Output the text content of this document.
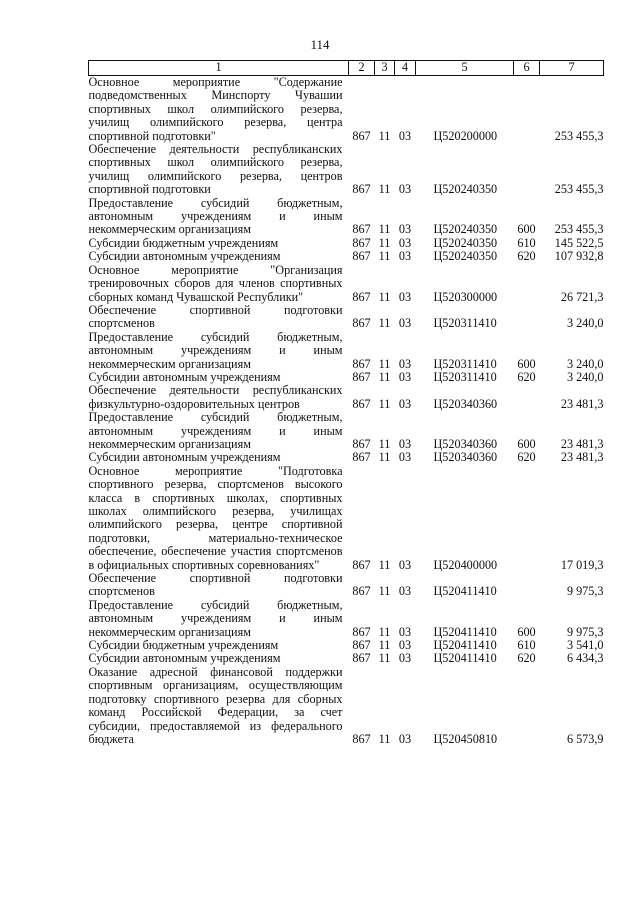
114
1	2	3	4	5	6	7
Основное мероприятие "Содержание подведомственных Минспорту Чувашии спортивных школ олимпийского резерва, училищ олимпийского резерва, центра спортивной подготовки"	867	11	03	Ц520200000		253 455,3
Обеспечение деятельности республиканских спортивных школ олимпийского резерва, училищ олимпийского резерва, центров спортивной подготовки	867	11	03	Ц520240350		253 455,3
Предоставление субсидий бюджетным, автономным учреждениям и иным некоммерческим организациям	867	11	03	Ц520240350	600	253 455,3
Субсидии бюджетным учреждениям	867	11	03	Ц520240350	610	145 522,5
Субсидии автономным учреждениям	867	11	03	Ц520240350	620	107 932,8
Основное мероприятие "Организация тренировочных сборов для членов спортивных сборных команд Чувашской Республики"	867	11	03	Ц520300000		26 721,3
Обеспечение спортивной подготовки спортсменов	867	11	03	Ц520311410		3 240,0
Предоставление субсидий бюджетным, автономным учреждениям и иным некоммерческим организациям	867	11	03	Ц520311410	600	3 240,0
Субсидии автономным учреждениям	867	11	03	Ц520311410	620	3 240,0
Обеспечение деятельности республиканских физкультурно-оздоровительных центров	867	11	03	Ц520340360		23 481,3
Предоставление субсидий бюджетным, автономным учреждениям и иным некоммерческим организациям	867	11	03	Ц520340360	600	23 481,3
Субсидии автономным учреждениям	867	11	03	Ц520340360	620	23 481,3
Основное мероприятие "Подготовка спортивного резерва, спортсменов высокого класса в спортивных школах, спортивных школах олимпийского резерва, училищах олимпийского резерва, центре спортивной подготовки, материально-техническое обеспечение, обеспечение участия спортсменов в официальных спортивных соревнованиях"	867	11	03	Ц520400000		17 019,3
Обеспечение спортивной подготовки спортсменов	867	11	03	Ц520411410		9 975,3
Предоставление субсидий бюджетным, автономным учреждениям и иным некоммерческим организациям	867	11	03	Ц520411410	600	9 975,3
Субсидии бюджетным учреждениям	867	11	03	Ц520411410	610	3 541,0
Субсидии автономным учреждениям	867	11	03	Ц520411410	620	6 434,3
Оказание адресной финансовой поддержки спортивным организациям, осуществляющим подготовку спортивного резерва для сборных команд Российской Федерации, за счет субсидии, предоставляемой из федерального бюджета	867	11	03	Ц520450810		6 573,9
